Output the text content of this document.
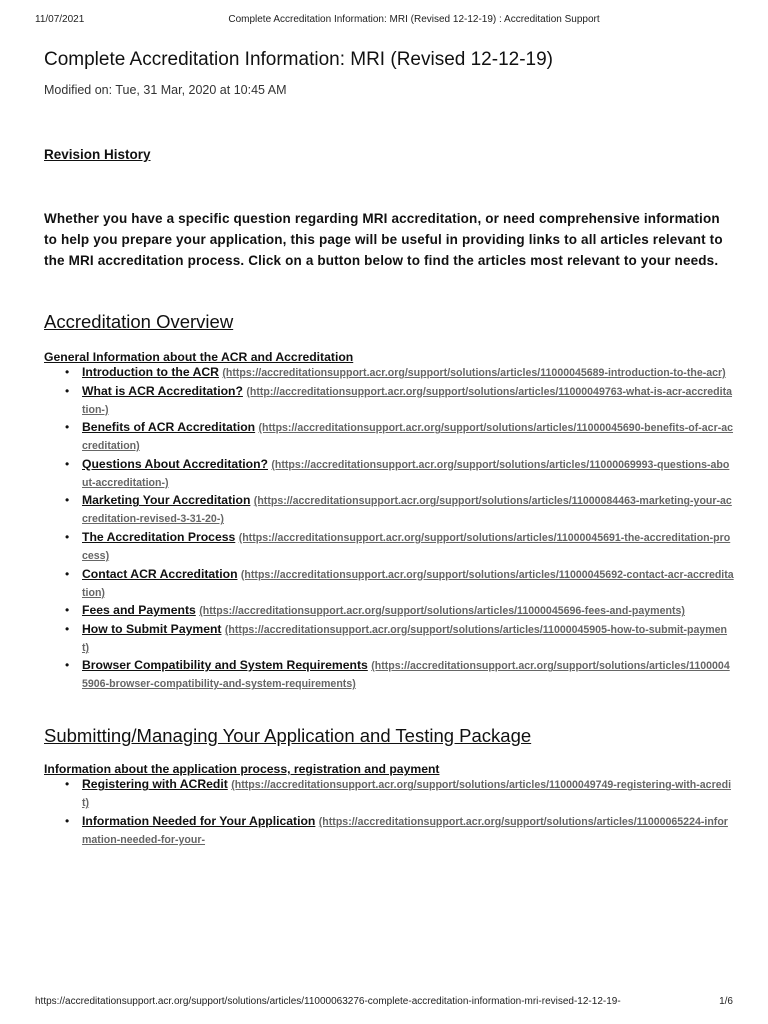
11/07/2021	Complete Accreditation Information: MRI (Revised 12-12-19) : Accreditation Support
Complete Accreditation Information: MRI (Revised 12-12-19)
Modified on: Tue, 31 Mar, 2020 at 10:45 AM
Revision History
Whether you have a specific question regarding MRI accreditation, or need comprehensive information to help you prepare your application, this page will be useful in providing links to all articles relevant to the MRI accreditation process. Click on a button below to find the articles most relevant to your needs.
Accreditation Overview
General Information about the ACR and Accreditation
• Introduction to the ACR (https://accreditationsupport.acr.org/support/solutions/articles/11000045689-introduction-to-the-acr)
• What is ACR Accreditation? (http://accreditationsupport.acr.org/support/solutions/articles/11000049763-what-is-acr-accreditation-)
• Benefits of ACR Accreditation (https://accreditationsupport.acr.org/support/solutions/articles/11000045690-benefits-of-acr-accreditation)
• Questions About Accreditation? (https://accreditationsupport.acr.org/support/solutions/articles/11000069993-questions-about-accreditation-)
• Marketing Your Accreditation (https://accreditationsupport.acr.org/support/solutions/articles/11000084463-marketing-your-accreditation-revised-3-31-20-)
• The Accreditation Process (https://accreditationsupport.acr.org/support/solutions/articles/11000045691-the-accreditation-process)
• Contact ACR Accreditation (https://accreditationsupport.acr.org/support/solutions/articles/11000045692-contact-acr-accreditation)
• Fees and Payments (https://accreditationsupport.acr.org/support/solutions/articles/11000045696-fees-and-payments)
• How to Submit Payment (https://accreditationsupport.acr.org/support/solutions/articles/11000045905-how-to-submit-payment)
• Browser Compatibility and System Requirements (https://accreditationsupport.acr.org/support/solutions/articles/11000045906-browser-compatibility-and-system-requirements)
Submitting/Managing Your Application and Testing Package
Information about the application process, registration and payment
• Registering with ACRedit (https://accreditationsupport.acr.org/support/solutions/articles/11000049749-registering-with-acredit)
• Information Needed for Your Application (https://accreditationsupport.acr.org/support/solutions/articles/11000065224-information-needed-for-your-
https://accreditationsupport.acr.org/support/solutions/articles/11000063276-complete-accreditation-information-mri-revised-12-12-19-	1/6
